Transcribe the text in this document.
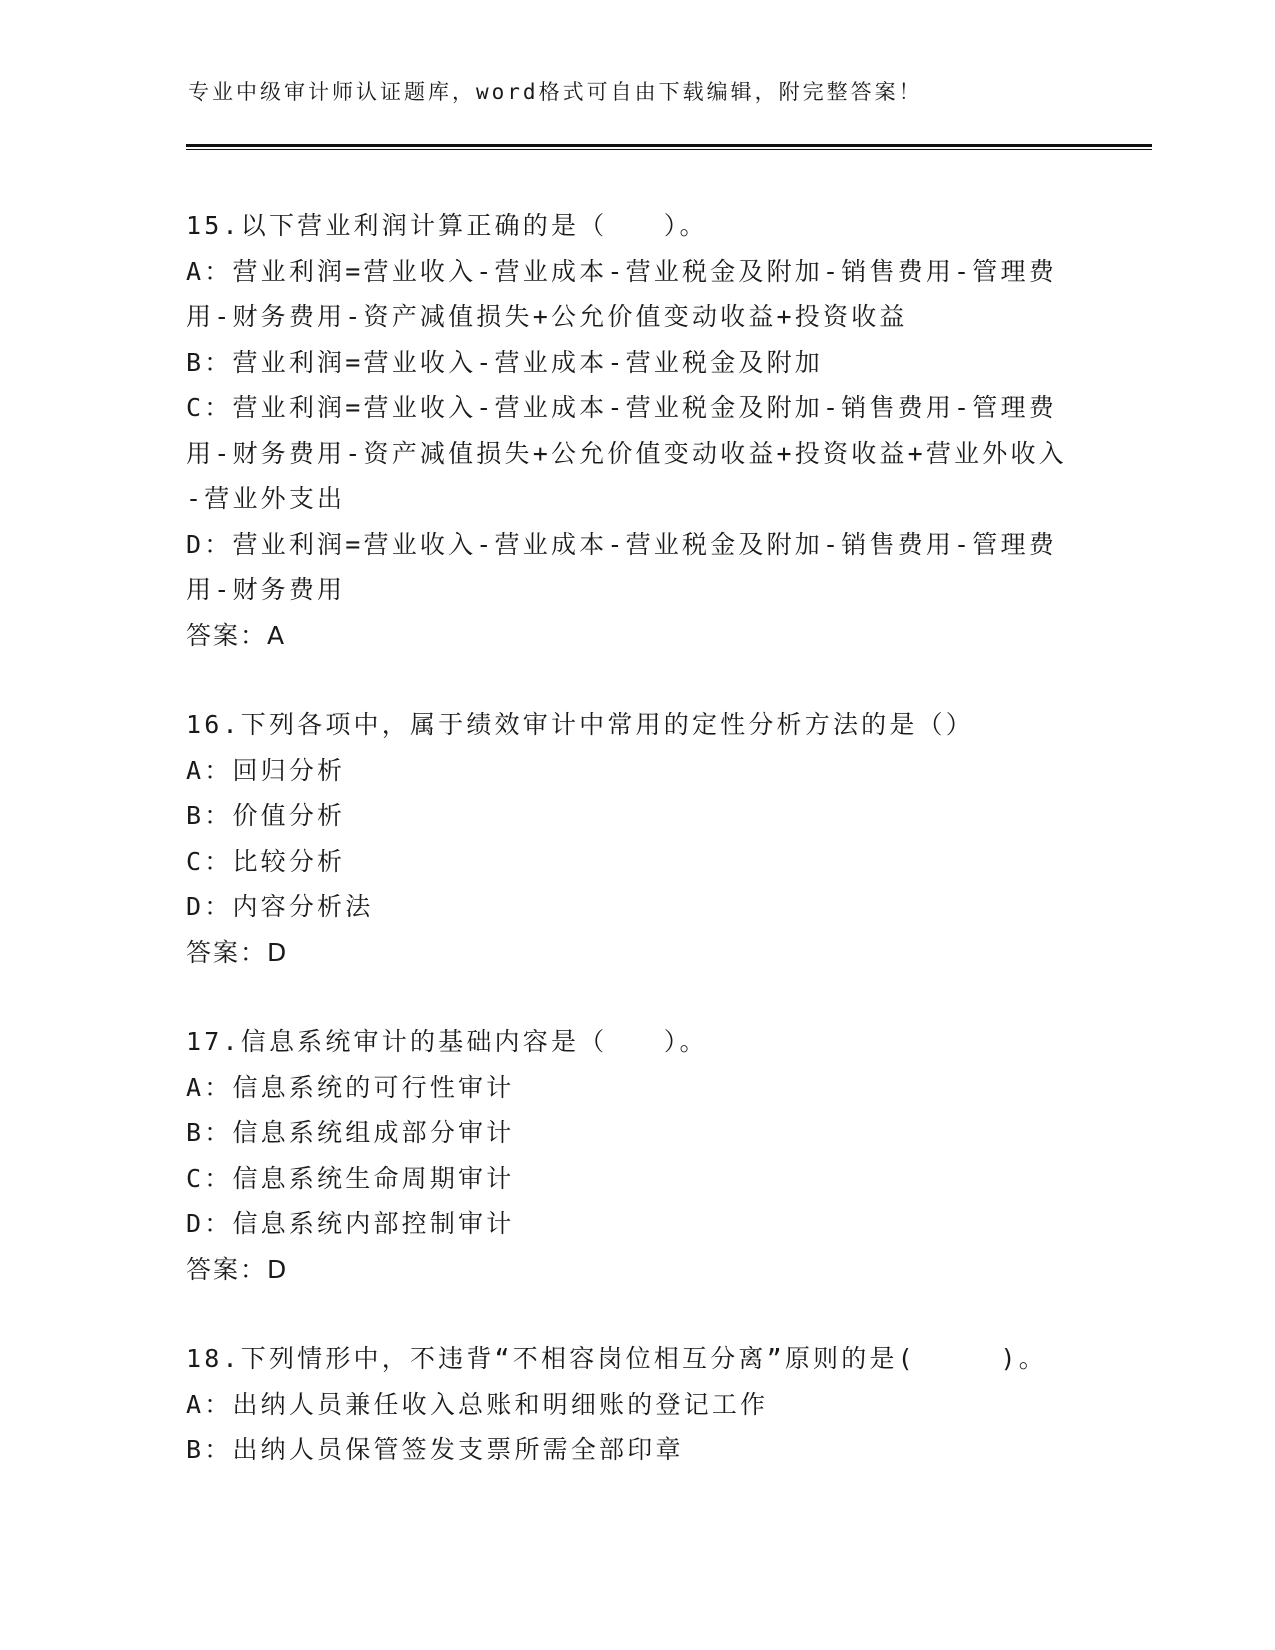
专业中级审计师认证题库，word格式可自由下载编辑，附完整答案！
15.以下营业利润计算正确的是（　　）。
A：营业利润=营业收入-营业成本-营业税金及附加-销售费用-管理费
用-财务费用-资产减值损失+公允价值变动收益+投资收益
B：营业利润=营业收入-营业成本-营业税金及附加
C：营业利润=营业收入-营业成本-营业税金及附加-销售费用-管理费
用-财务费用-资产减值损失+公允价值变动收益+投资收益+营业外收入
-营业外支出
D：营业利润=营业收入-营业成本-营业税金及附加-销售费用-管理费
用-财务费用
答案：A
16.下列各项中，属于绩效审计中常用的定性分析方法的是（）
A：回归分析
B：价值分析
C：比较分析
D：内容分析法
答案：D
17.信息系统审计的基础内容是（　　）。
A：信息系统的可行性审计
B：信息系统组成部分审计
C：信息系统生命周期审计
D：信息系统内部控制审计
答案：D
18.下列情形中，不违背“不相容岗位相互分离”原则的是(　　　)。
A：出纳人员兼任收入总账和明细账的登记工作
B：出纳人员保管签发支票所需全部印章
